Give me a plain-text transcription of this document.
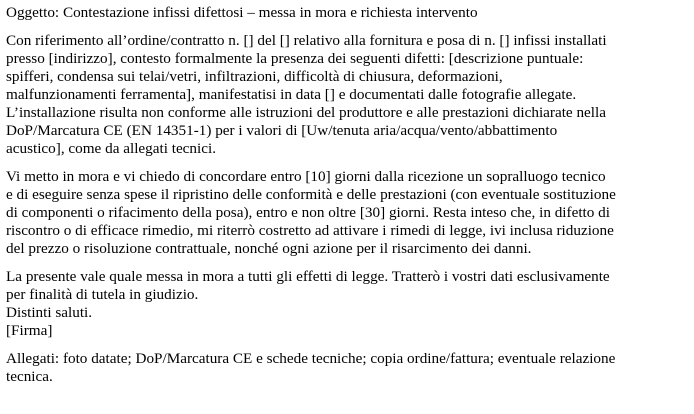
Oggetto: Contestazione infissi difettosi – messa in mora e richiesta intervento
Con riferimento all’ordine/contratto n. [] del [] relativo alla fornitura e posa di n. [] infissi installati
presso [indirizzo], contesto formalmente la presenza dei seguenti difetti: [descrizione puntuale:
spifferi, condensa sui telai/vetri, infiltrazioni, difficoltà di chiusura, deformazioni,
malfunzionamenti ferramenta], manifestatisi in data [] e documentati dalle fotografie allegate.
L’installazione risulta non conforme alle istruzioni del produttore e alle prestazioni dichiarate nella
DoP/Marcatura CE (EN 14351-1) per i valori di [Uw/tenuta aria/acqua/vento/abbattimento
acustico], come da allegati tecnici.
Vi metto in mora e vi chiedo di concordare entro [10] giorni dalla ricezione un sopralluogo tecnico
e di eseguire senza spese il ripristino delle conformità e delle prestazioni (con eventuale sostituzione
di componenti o rifacimento della posa), entro e non oltre [30] giorni. Resta inteso che, in difetto di
riscontro o di efficace rimedio, mi riterrò costretto ad attivare i rimedi di legge, ivi inclusa riduzione
del prezzo o risoluzione contrattuale, nonché ogni azione per il risarcimento dei danni.
La presente vale quale messa in mora a tutti gli effetti di legge. Tratterò i vostri dati esclusivamente
per finalità di tutela in giudizio.
Distinti saluti.
[Firma]
Allegati: foto datate; DoP/Marcatura CE e schede tecniche; copia ordine/fattura; eventuale relazione
tecnica.
